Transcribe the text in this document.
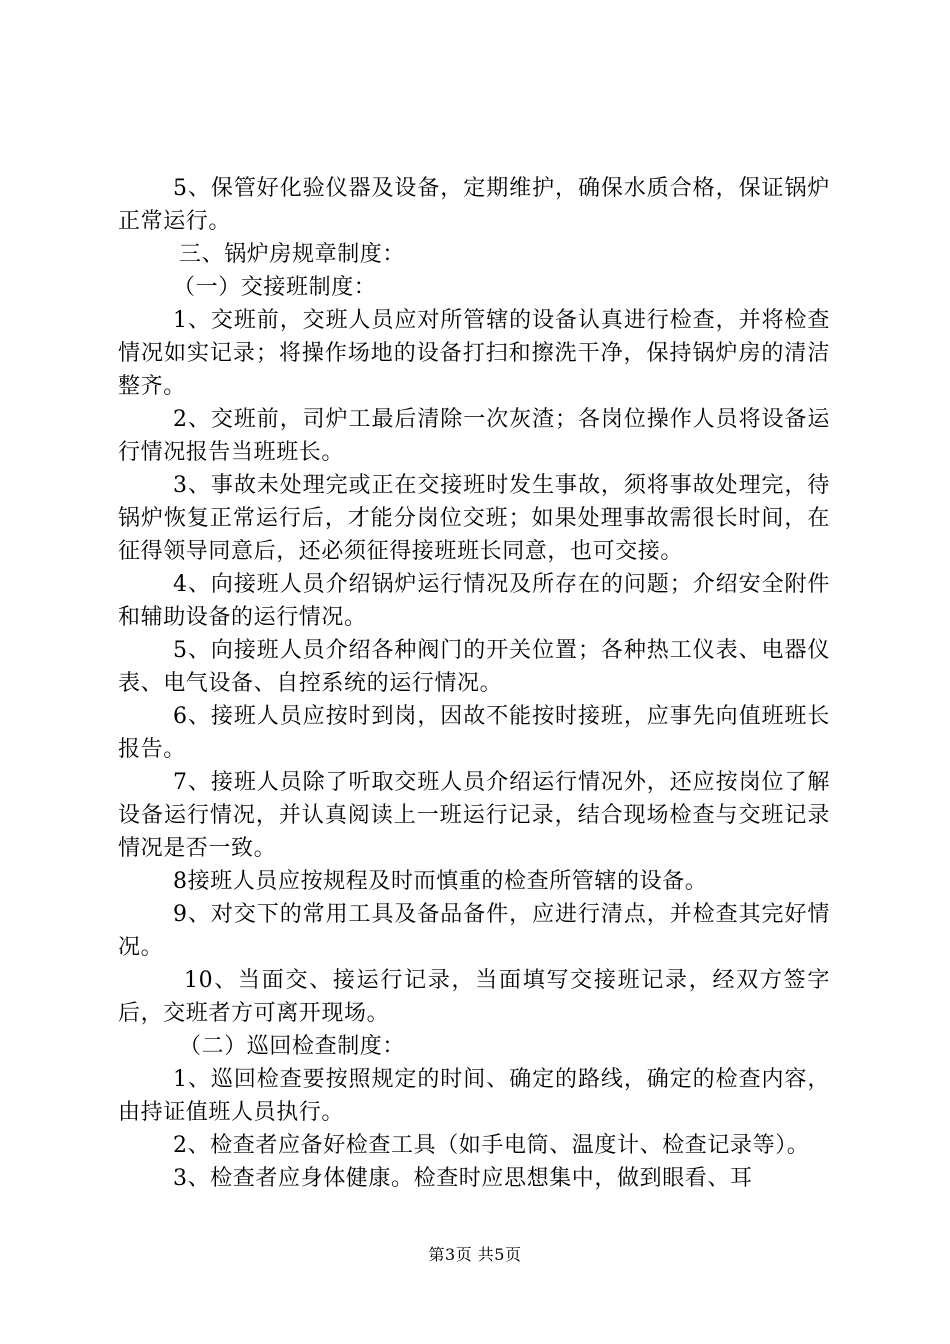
5、保管好化验仪器及设备，定期维护，确保水质合格，保证锅炉正常运行。

三、锅炉房规章制度：

（一）交接班制度：

1、交班前，交班人员应对所管辖的设备认真进行检查，并将检查情况如实记录；将操作场地的设备打扫和擦洗干净，保持锅炉房的清洁整齐。

2、交班前，司炉工最后清除一次灰渣；各岗位操作人员将设备运行情况报告当班班长。

3、事故未处理完或正在交接班时发生事故，须将事故处理完，待锅炉恢复正常运行后，才能分岗位交班；如果处理事故需很长时间，在征得领导同意后，还必须征得接班班长同意，也可交接。

4、向接班人员介绍锅炉运行情况及所存在的问题；介绍安全附件和辅助设备的运行情况。

5、向接班人员介绍各种阀门的开关位置；各种热工仪表、电器仪表、电气设备、自控系统的运行情况。

6、接班人员应按时到岗，因故不能按时接班，应事先向值班班长报告。

7、接班人员除了听取交班人员介绍运行情况外，还应按岗位了解设备运行情况，并认真阅读上一班运行记录，结合现场检查与交班记录情况是否一致。

8接班人员应按规程及时而慎重的检查所管辖的设备。

9、对交下的常用工具及备品备件，应进行清点，并检查其完好情况。

10、当面交、接运行记录，当面填写交接班记录，经双方签字后，交班者方可离开现场。

（二）巡回检查制度：

1、巡回检查要按照规定的时间、确定的路线，确定的检查内容，由持证值班人员执行。

2、检查者应备好检查工具（如手电筒、温度计、检查记录等）。

3、检查者应身体健康。检查时应思想集中，做到眼看、耳

第3页 共5页
